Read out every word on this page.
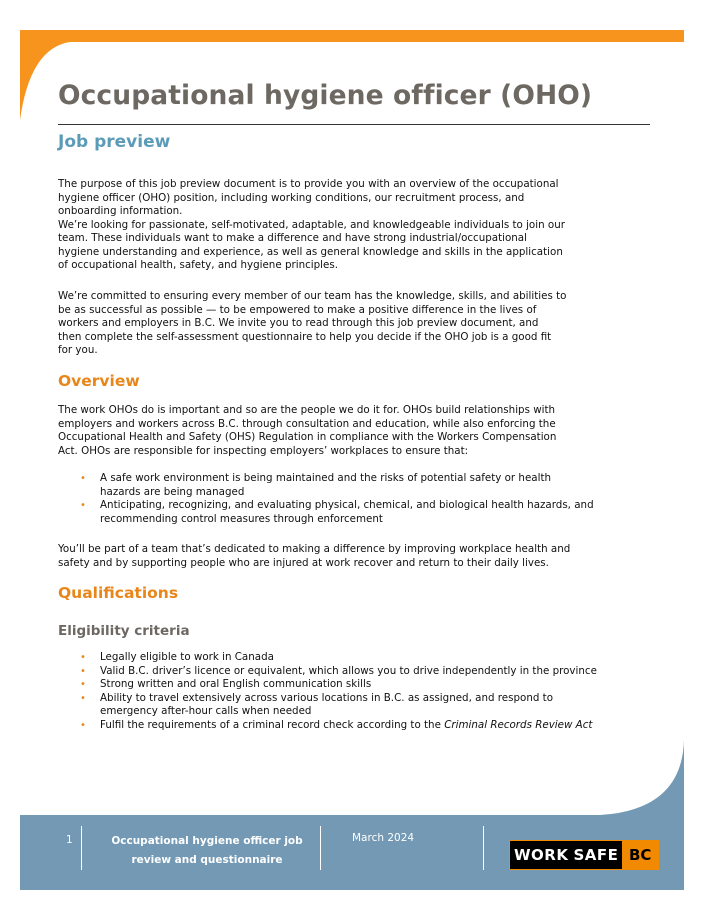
Occupational hygiene officer (OHO)
Job preview

The purpose of this job preview document is to provide you with an overview of the occupational
hygiene officer (OHO) position, including working conditions, our recruitment process, and
onboarding information.
We’re looking for passionate, self-motivated, adaptable, and knowledgeable individuals to join our
team. These individuals want to make a difference and have strong industrial/occupational
hygiene understanding and experience, as well as general knowledge and skills in the application
of occupational health, safety, and hygiene principles.

We’re committed to ensuring every member of our team has the knowledge, skills, and abilities to
be as successful as possible — to be empowered to make a positive difference in the lives of
workers and employers in B.C. We invite you to read through this job preview document, and
then complete the self-assessment questionnaire to help you decide if the OHO job is a good fit
for you.

Overview

The work OHOs do is important and so are the people we do it for. OHOs build relationships with
employers and workers across B.C. through consultation and education, while also enforcing the
Occupational Health and Safety (OHS) Regulation in compliance with the Workers Compensation
Act. OHOs are responsible for inspecting employers’ workplaces to ensure that:

• A safe work environment is being maintained and the risks of potential safety or health
hazards are being managed
• Anticipating, recognizing, and evaluating physical, chemical, and biological health hazards, and
recommending control measures through enforcement

You’ll be part of a team that’s dedicated to making a difference by improving workplace health and
safety and by supporting people who are injured at work recover and return to their daily lives.

Qualifications
Eligibility criteria
• Legally eligible to work in Canada
• Valid B.C. driver’s licence or equivalent, which allows you to drive independently in the province
• Strong written and oral English communication skills
• Ability to travel extensively across various locations in B.C. as assigned, and respond to
emergency after-hour calls when needed
• Fulfil the requirements of a criminal record check according to the Criminal Records Review Act
1	Occupational hygiene officer job
review and questionnaire
March 2024
WORK SAFE BC
